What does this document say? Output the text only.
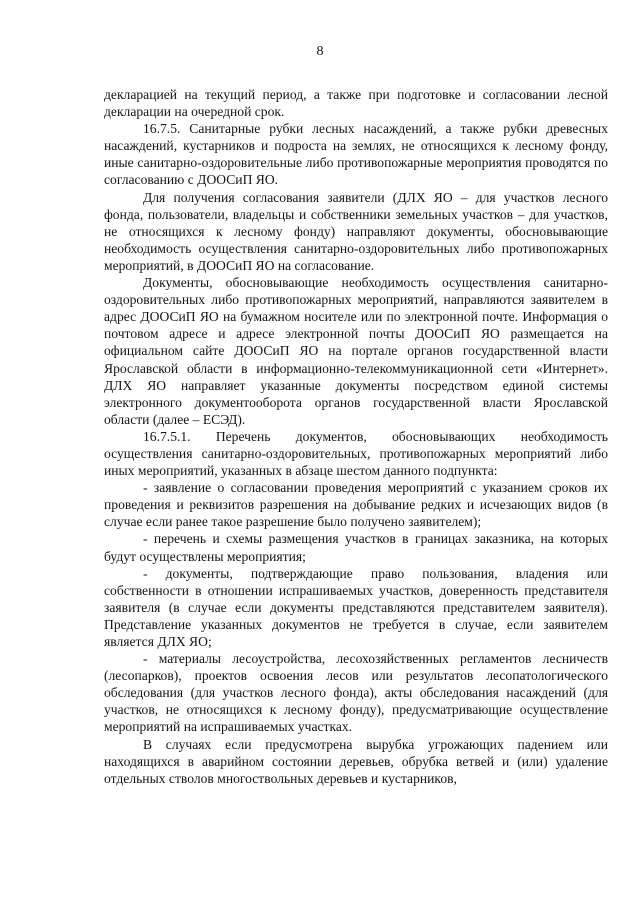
8

декларацией на текущий период, а также при подготовке и согласовании лесной декларации на очередной срок.

16.7.5. Санитарные рубки лесных насаждений, а также рубки древесных насаждений, кустарников и подроста на землях, не относящихся к лесному фонду, иные санитарно-оздоровительные либо противопожарные мероприятия проводятся по согласованию с ДООСиП ЯО.

Для получения согласования заявители (ДЛХ ЯО – для участков лесного фонда, пользователи, владельцы и собственники земельных участков – для участков, не относящихся к лесному фонду) направляют документы, обосновывающие необходимость осуществления санитарно-оздоровительных либо противопожарных мероприятий, в ДООСиП ЯО на согласование.

Документы, обосновывающие необходимость осуществления санитарно-оздоровительных либо противопожарных мероприятий, направляются заявителем в адрес ДООСиП ЯО на бумажном носителе или по электронной почте. Информация о почтовом адресе и адресе электронной почты ДООСиП ЯО размещается на официальном сайте ДООСиП ЯО на портале органов государственной власти Ярославской области в информационно-телекоммуникационной сети «Интернет». ДЛХ ЯО направляет указанные документы посредством единой системы электронного документооборота органов государственной власти Ярославской области (далее – ЕСЭД).

16.7.5.1. Перечень документов, обосновывающих необходимость осуществления санитарно-оздоровительных, противопожарных мероприятий либо иных мероприятий, указанных в абзаце шестом данного подпункта:

- заявление о согласовании проведения мероприятий с указанием сроков их проведения и реквизитов разрешения на добывание редких и исчезающих видов (в случае если ранее такое разрешение было получено заявителем);

- перечень и схемы размещения участков в границах заказника, на которых будут осуществлены мероприятия;

- документы, подтверждающие право пользования, владения или собственности в отношении испрашиваемых участков, доверенность представителя заявителя (в случае если документы представляются представителем заявителя). Представление указанных документов не требуется в случае, если заявителем является ДЛХ ЯО;

- материалы лесоустройства, лесохозяйственных регламентов лесничеств (лесопарков), проектов освоения лесов или результатов лесопатологического обследования (для участков лесного фонда), акты обследования насаждений (для участков, не относящихся к лесному фонду), предусматривающие осуществление мероприятий на испрашиваемых участках.

В случаях если предусмотрена вырубка угрожающих падением или находящихся в аварийном состоянии деревьев, обрубка ветвей и (или) удаление отдельных стволов многоствольных деревьев и кустарников,
